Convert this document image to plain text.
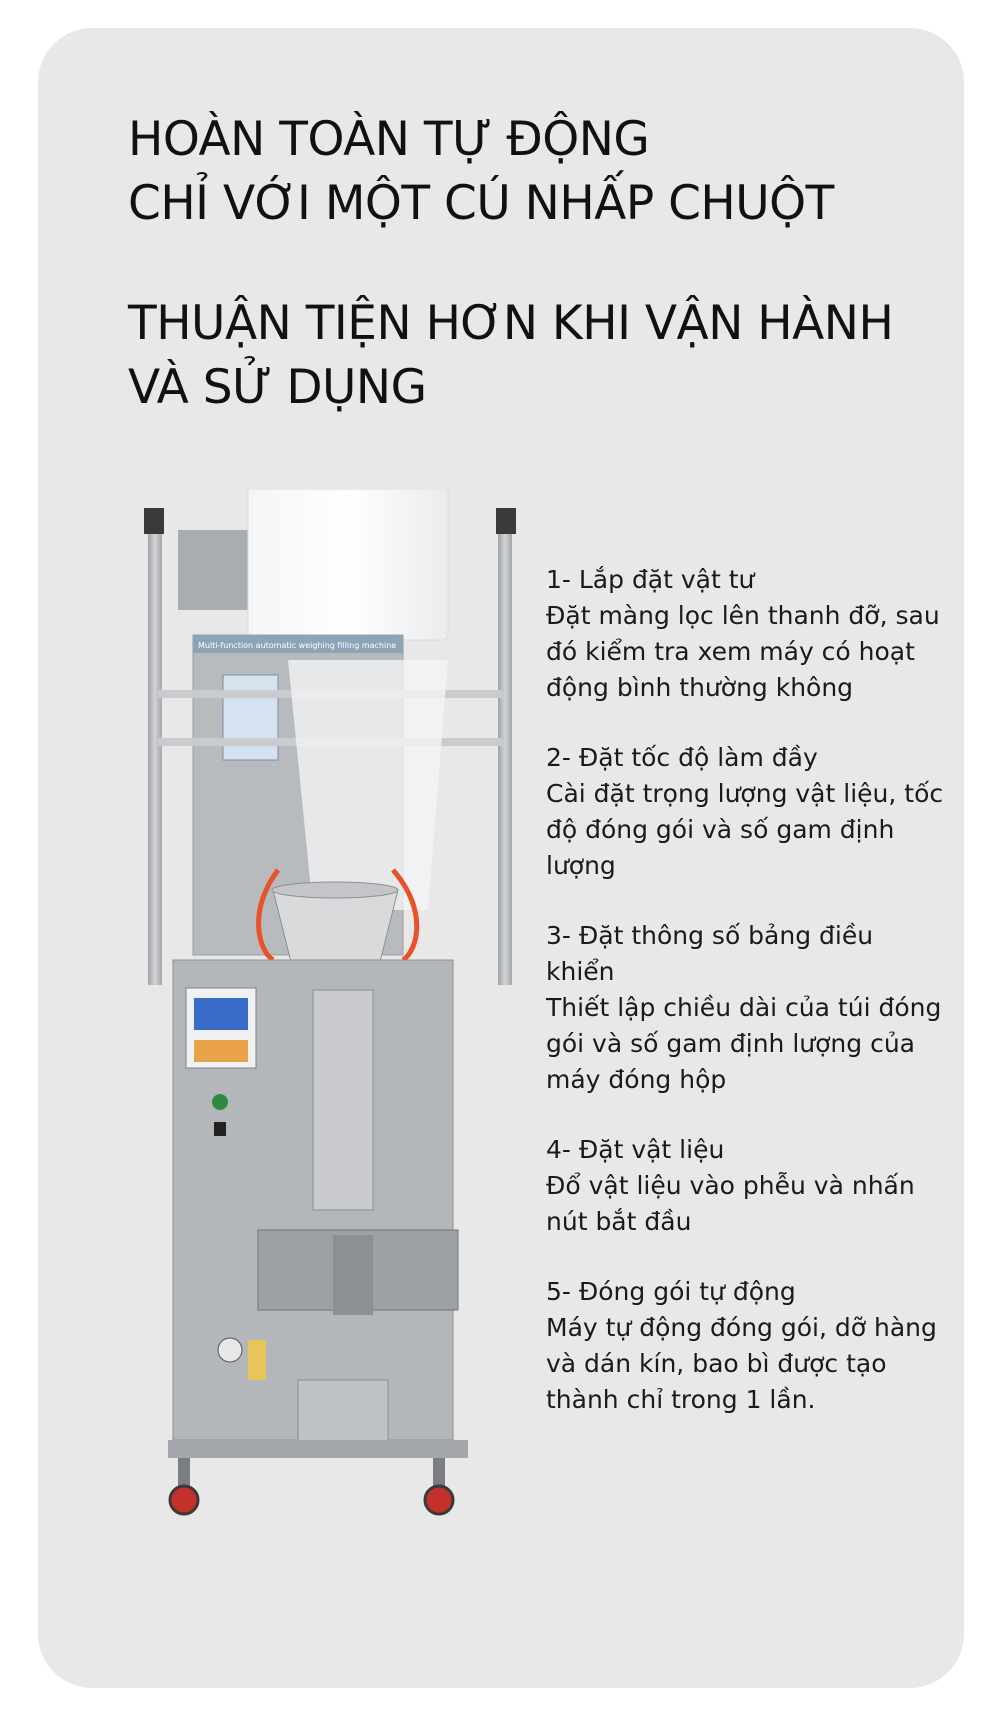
HOÀN TOÀN TỰ ĐỘNG
CHỈ VỚI MỘT CÚ NHẤP CHUỘT
THUẬN TIỆN HƠN KHI VẬN HÀNH
VÀ SỬ DỤNG
Multi-function automatic weighing filling machine
1- Lắp đặt vật tư
Đặt màng lọc lên thanh đỡ, sau đó kiểm tra xem máy có hoạt động bình thường không
2- Đặt tốc độ làm đầy
Cài đặt trọng lượng vật liệu, tốc độ đóng gói và số gam định lượng
3- Đặt thông số bảng điều khiển
Thiết lập chiều dài của túi đóng gói và số gam định lượng của máy đóng hộp
4- Đặt vật liệu
Đổ vật liệu vào phễu và nhấn nút bắt đầu
5- Đóng gói tự động
Máy tự động đóng gói, dỡ hàng và dán kín, bao bì được tạo thành chỉ trong 1 lần.
